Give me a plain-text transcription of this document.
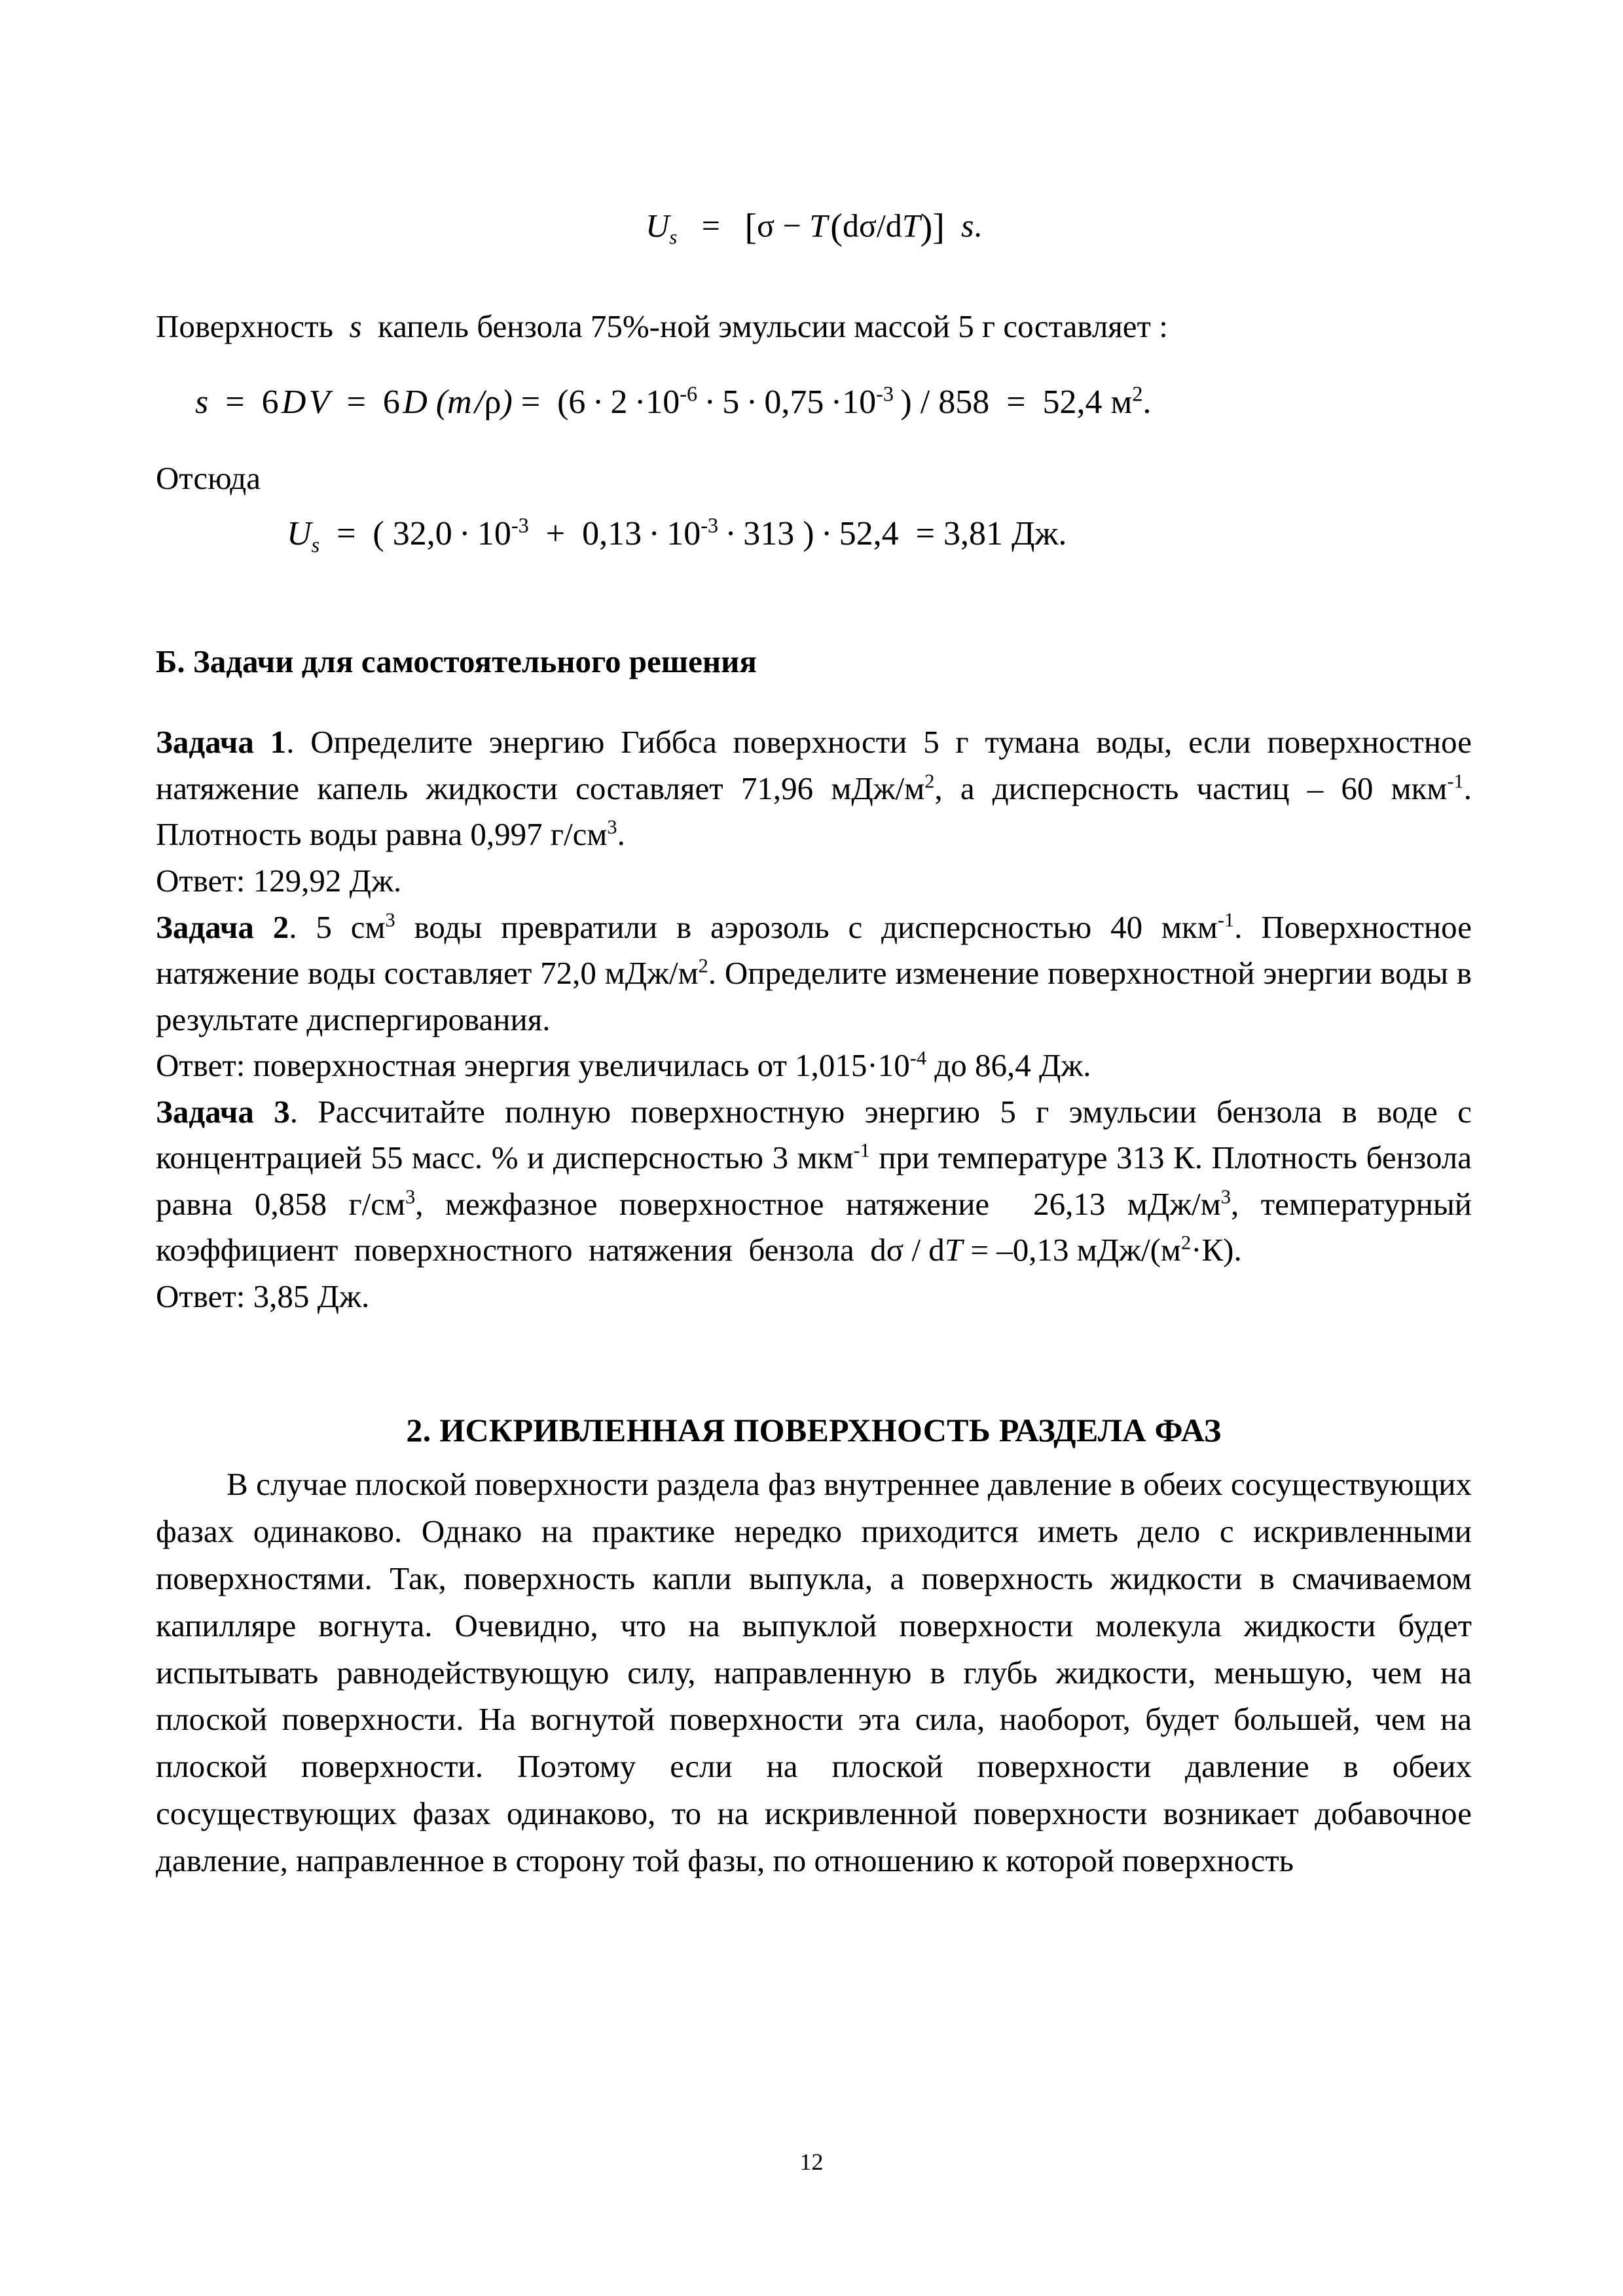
$U_s = [\sigma - T$ (dσ/dT)] s.
Поверхность  s  капель бензола 75%-ной эмульсии массой 5 г составляет :
s  =  6 D V  =  6 D (m $/\rho) = (6 \cdot 2 \cdot 10^{-6} \cdot 5 \cdot 0,75 \cdot 10^{-3}$ ) / 858  =  52,4 $м^2$.
Отсюда
$U_s$  =  ( $32,0 \cdot 10^{-3} + 0,13 \cdot 10^{-3} \cdot 313$ ) · 52,4  = 3,81 Дж.
Б. Задачи для самостоятельного решения
Задача 1. Определите энергию Гиббса поверхности 5 г тумана воды, если поверхностное натяжение капель жидкости составляет 71,96 мДж/$м^2$, а дисперсность частиц – 60 мкм$^{-1}$. Плотность воды равна 0,997 $г/см^3$.
Ответ: 129,92 Дж.
Задача 2. 5 $см^3$ воды превратили в аэрозоль с дисперсностью 40 мкм$^{-1}$. Поверхностное натяжение воды составляет 72,0 мДж/$м^2$. Определите изменение поверхностной энергии воды в результате диспергирования.
Ответ: поверхностная энергия увеличилась от $1,015\cdot 10^{-4}$ до 86,4 Дж.
Задача 3. Рассчитайте полную поверхностную энергию 5 г эмульсии бензола в воде с концентрацией 55 масс. % и дисперсностью 3 мкм$^{-1}$ при температуре 313 К. Плотность бензола равна 0,858 $г/см^3$, межфазное поверхностное натяжение  26,13 мДж/$м^3$, температурный коэффициент  поверхностного  натяжения  бензола  dσ / dT = –0,13 мДж/$(м^2\cdot К)$.
Ответ: 3,85 Дж.
2. ИСКРИВЛЕННАЯ ПОВЕРХНОСТЬ РАЗДЕЛА ФАЗ
В случае плоской поверхности раздела фаз внутреннее давление в обеих сосуществующих фазах одинаково. Однако на практике нередко приходится иметь дело с искривленными поверхностями. Так, поверхность капли выпукла, а поверхность жидкости в смачиваемом капилляре вогнута. Очевидно, что на выпуклой поверхности молекула жидкости будет испытывать равнодействующую силу, направленную в глубь жидкости, меньшую, чем на плоской поверхности. На вогнутой поверхности эта сила, наоборот, будет большей, чем на плоской поверхности. Поэтому если на плоской поверхности давление в обеих сосуществующих фазах одинаково, то на искривленной поверхности возникает добавочное давление, направленное в сторону той фазы, по отношению к которой поверхность
12
